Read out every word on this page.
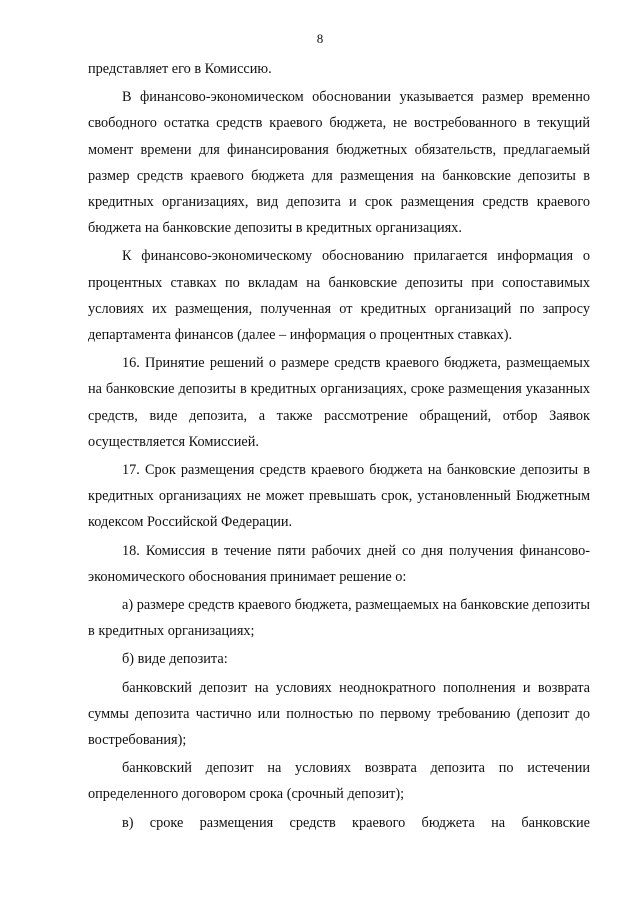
8

представляет его в Комиссию.

В финансово-экономическом обосновании указывается размер временно свободного остатка средств краевого бюджета, не востребованного в текущий момент времени для финансирования бюджетных обязательств, предлагаемый размер средств краевого бюджета для размещения на банковские депозиты в кредитных организациях, вид депозита и срок размещения средств краевого бюджета на банковские депозиты в кредитных организациях.

К финансово-экономическому обоснованию прилагается информация о процентных ставках по вкладам на банковские депозиты при сопоставимых условиях их размещения, полученная от кредитных организаций по запросу департамента финансов (далее – информация о процентных ставках).

16. Принятие решений о размере средств краевого бюджета, размещаемых на банковские депозиты в кредитных организациях, сроке размещения указанных средств, виде депозита, а также рассмотрение обращений, отбор Заявок осуществляется Комиссией.

17. Срок размещения средств краевого бюджета на банковские депозиты в кредитных организациях не может превышать срок, установленный Бюджетным кодексом Российской Федерации.

18. Комиссия в течение пяти рабочих дней со дня получения финансово-экономического обоснования принимает решение о:

а) размере средств краевого бюджета, размещаемых на банковские депозиты в кредитных организациях;

б) виде депозита:

банковский депозит на условиях неоднократного пополнения и возврата суммы депозита частично или полностью по первому требованию (депозит до востребования);

банковский депозит на условиях возврата депозита по истечении определенного договором срока (срочный депозит);

в) сроке размещения средств краевого бюджета на банковские
